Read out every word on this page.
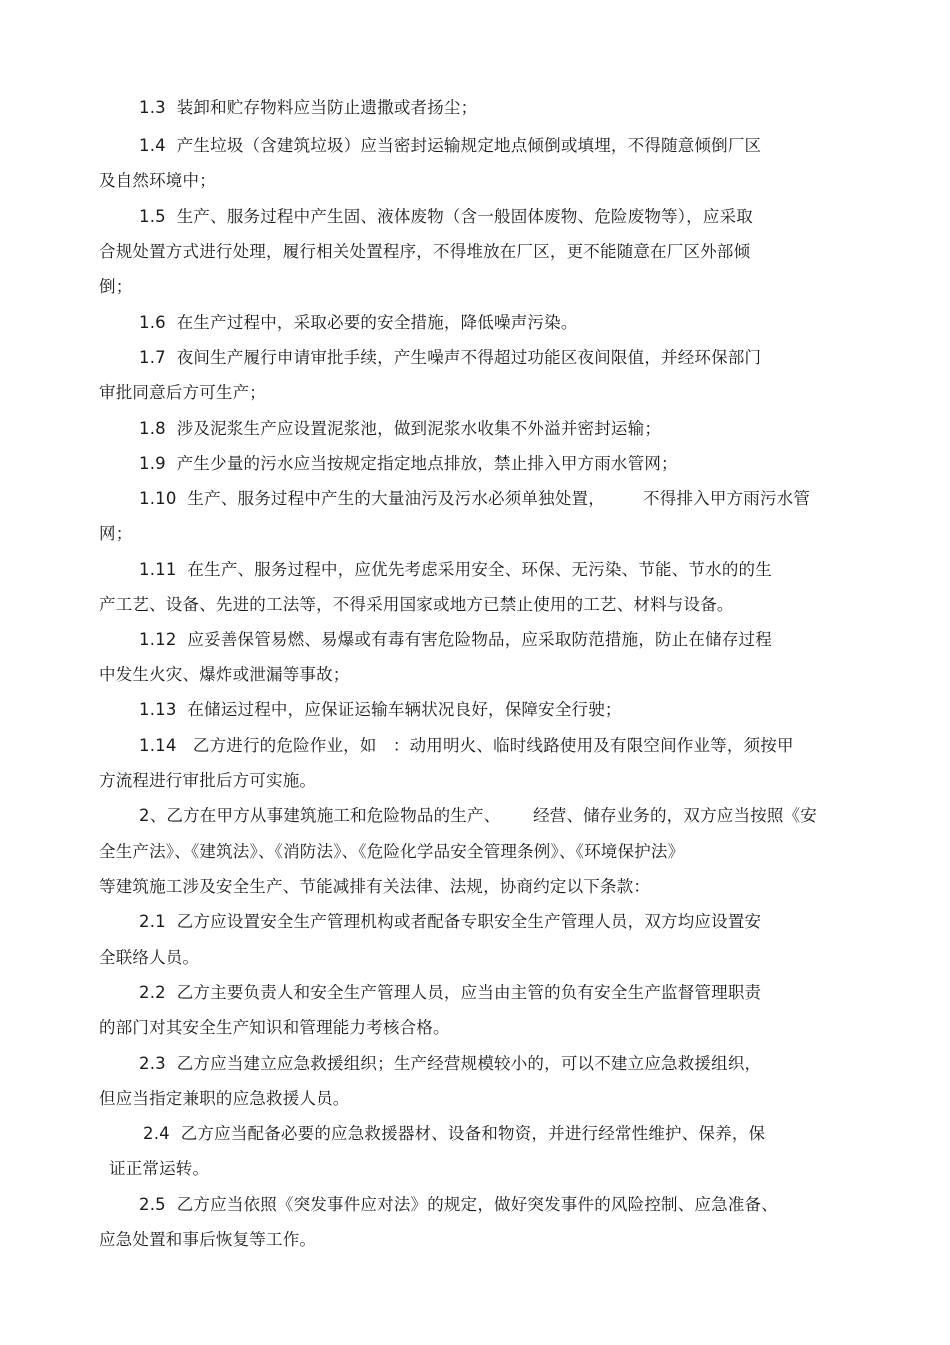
1.3  装卸和贮存物料应当防止遗撒或者扬尘；
1.4  产生垃圾（含建筑垃圾）应当密封运输规定地点倾倒或填埋，不得随意倾倒厂区
及自然环境中；
1.5  生产、服务过程中产生固、液体废物（含一般固体废物、危险废物等），应采取
合规处置方式进行处理，履行相关处置程序，不得堆放在厂区，更不能随意在厂区外部倾
倒；
1.6  在生产过程中，采取必要的安全措施，降低噪声污染。
1.7  夜间生产履行申请审批手续，产生噪声不得超过功能区夜间限值，并经环保部门
审批同意后方可生产；
1.8  涉及泥浆生产应设置泥浆池，做到泥浆水收集不外溢并密封运输；
1.9  产生少量的污水应当按规定指定地点排放，禁止排入甲方雨水管网；
1.10  生产、服务过程中产生的大量油污及污水必须单独处置，       不得排入甲方雨污水管
网；
1.11  在生产、服务过程中，应优先考虑采用安全、环保、无污染、节能、节水的的生
产工艺、设备、先进的工法等，不得采用国家或地方已禁止使用的工艺、材料与设备。
1.12  应妥善保管易燃、易爆或有毒有害危险物品，应采取防范措施，防止在储存过程
中发生火灾、爆炸或泄漏等事故；
1.13  在储运过程中，应保证运输车辆状况良好，保障安全行驶；
1.14   乙方进行的危险作业，如   ：动用明火、临时线路使用及有限空间作业等，须按甲
方流程进行审批后方可实施。
2、乙方在甲方从事建筑施工和危险物品的生产、      经营、储存业务的，双方应当按照《安
全生产法》、《建筑法》、《消防法》、《危险化学品安全管理条例》、《环境保护法》
等建筑施工涉及安全生产、节能减排有关法律、法规，协商约定以下条款：
2.1  乙方应设置安全生产管理机构或者配备专职安全生产管理人员，双方均应设置安
全联络人员。
2.2  乙方主要负责人和安全生产管理人员，应当由主管的负有安全生产监督管理职责
的部门对其安全生产知识和管理能力考核合格。
2.3  乙方应当建立应急救援组织；生产经营规模较小的，可以不建立应急救援组织，
但应当指定兼职的应急救援人员。
2.4  乙方应当配备必要的应急救援器材、设备和物资，并进行经常性维护、保养，保
证正常运转。
2.5  乙方应当依照《突发事件应对法》的规定，做好突发事件的风险控制、应急准备、
应急处置和事后恢复等工作。
